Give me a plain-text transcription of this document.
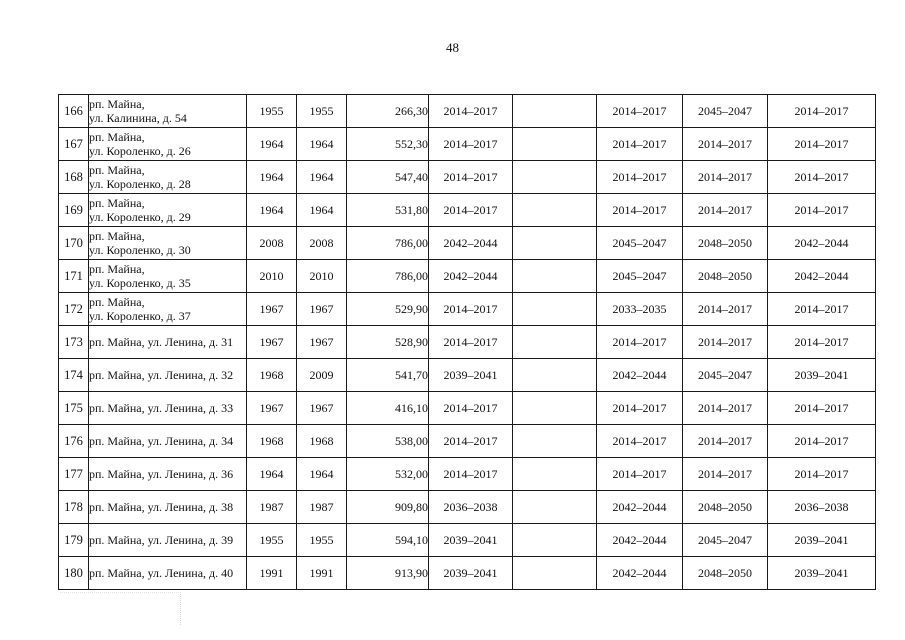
48
166	рп. Майна,
ул. Калинина, д. 54	1955	1955	266,30	2014–2017		2014–2017	2045–2047	2014–2017
167	рп. Майна,
ул. Короленко, д. 26	1964	1964	552,30	2014–2017		2014–2017	2014–2017	2014–2017
168	рп. Майна,
ул. Короленко, д. 28	1964	1964	547,40	2014–2017		2014–2017	2014–2017	2014–2017
169	рп. Майна,
ул. Короленко, д. 29	1964	1964	531,80	2014–2017		2014–2017	2014–2017	2014–2017
170	рп. Майна,
ул. Короленко, д. 30	2008	2008	786,00	2042–2044		2045–2047	2048–2050	2042–2044
171	рп. Майна,
ул. Короленко, д. 35	2010	2010	786,00	2042–2044		2045–2047	2048–2050	2042–2044
172	рп. Майна,
ул. Короленко, д. 37	1967	1967	529,90	2014–2017		2033–2035	2014–2017	2014–2017
173	рп. Майна, ул. Ленина, д. 31	1967	1967	528,90	2014–2017		2014–2017	2014–2017	2014–2017
174	рп. Майна, ул. Ленина, д. 32	1968	2009	541,70	2039–2041		2042–2044	2045–2047	2039–2041
175	рп. Майна, ул. Ленина, д. 33	1967	1967	416,10	2014–2017		2014–2017	2014–2017	2014–2017
176	рп. Майна, ул. Ленина, д. 34	1968	1968	538,00	2014–2017		2014–2017	2014–2017	2014–2017
177	рп. Майна, ул. Ленина, д. 36	1964	1964	532,00	2014–2017		2014–2017	2014–2017	2014–2017
178	рп. Майна, ул. Ленина, д. 38	1987	1987	909,80	2036–2038		2042–2044	2048–2050	2036–2038
179	рп. Майна, ул. Ленина, д. 39	1955	1955	594,10	2039–2041		2042–2044	2045–2047	2039–2041
180	рп. Майна, ул. Ленина, д. 40	1991	1991	913,90	2039–2041		2042–2044	2048–2050	2039–2041
